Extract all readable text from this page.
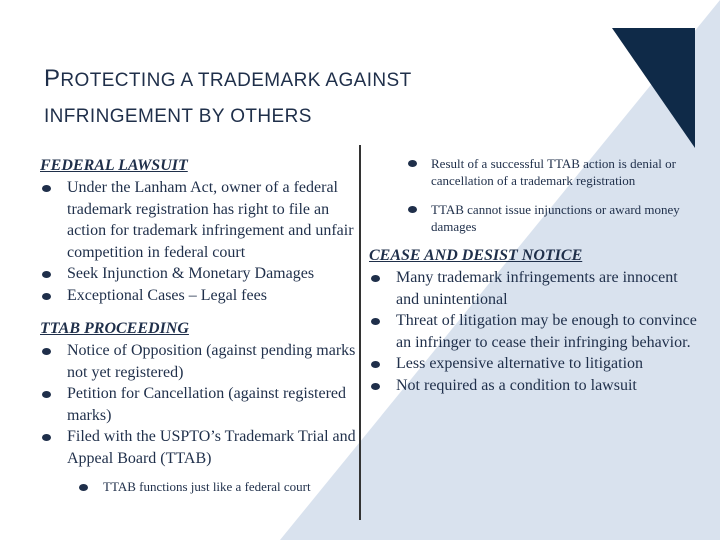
PROTECTING A TRADEMARK AGAINST
INFRINGEMENT BY OTHERS
FEDERAL LAWSUIT
Under the Lanham Act, owner of a federal trademark registration has right to file an action for trademark infringement and unfair competition in federal court
Seek Injunction & Monetary Damages
Exceptional Cases – Legal fees
TTAB PROCEEDING
Notice of Opposition (against pending marks not yet registered)
Petition for Cancellation (against registered marks)
Filed with the USPTO’s Trademark Trial and Appeal Board (TTAB)
TTAB functions just like a federal court
Result of a successful TTAB action is denial or cancellation of a trademark registration
TTAB cannot issue injunctions or award money damages
CEASE AND DESIST NOTICE
Many trademark infringements are innocent and unintentional
Threat of litigation may be enough to convince an infringer to cease their infringing behavior.
Less expensive alternative to litigation
Not required as a condition to lawsuit
